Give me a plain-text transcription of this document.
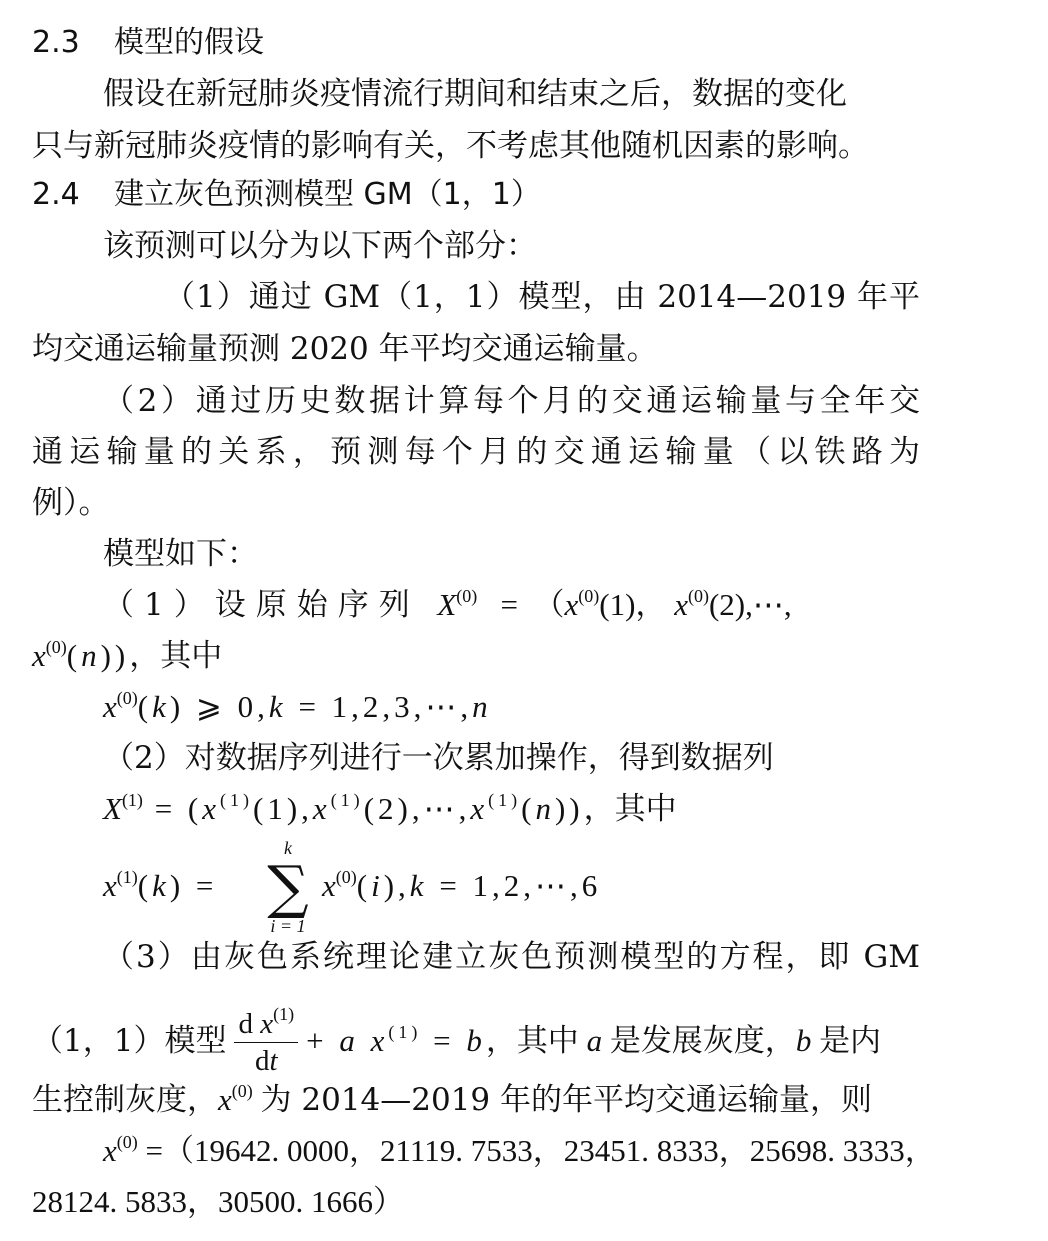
2.3 模型的假设
假设在新冠肺炎疫情流行期间和结束之后，数据的变化
只与新冠肺炎疫情的影响有关，不考虑其他随机因素的影响。
2.4 建立灰色预测模型 GM（1，1）
该预测可以分为以下两个部分：
（1）通过 GM（1，1）模型，由 2014—2019 年平
均交通运输量预测 2020 年平均交通运输量。
（2）通过历史数据计算每个月的交通运输量与全年交
通运输量的关系，预测每个月的交通运输量（以铁路为
例）。
模型如下：
（1）设原始序列  $X^{(0)} = (x^{(0)}(1)$， $x^{(0)}(2),\cdots$,
$x^{(0)}(n)$)，其中
$x^{(0)}(k)$ ⩾ 0,k = 1,2,3,⋯,n
（2）对数据序列进行一次累加操作，得到数据列
$X^{(1)}$ = $(x^{(1)}(1),x^{(1)}(2),\cdots,x^{(1)}(n))$，其中
$x^{(1)}(k)$ =
k
∑
i = 1
$x^{(0)}(i),k$ = 1,2,⋯,6
（3）由灰色系统理论建立灰色预测模型的方程，即 GM
（1，1）模型 $\frac{d x^{(1)}}{dt} + a$ $x^{(1)} = b$，其中 a 是发展灰度，b 是内
生控制灰度，$x^{(0)}$ 为 2014—2019 年的年平均交通运输量，则
$x^{(0)} =(19642$. 0000，21119. 7533，23451. 8333，25698. 3333，
28124. 5833，30500. 1666）
